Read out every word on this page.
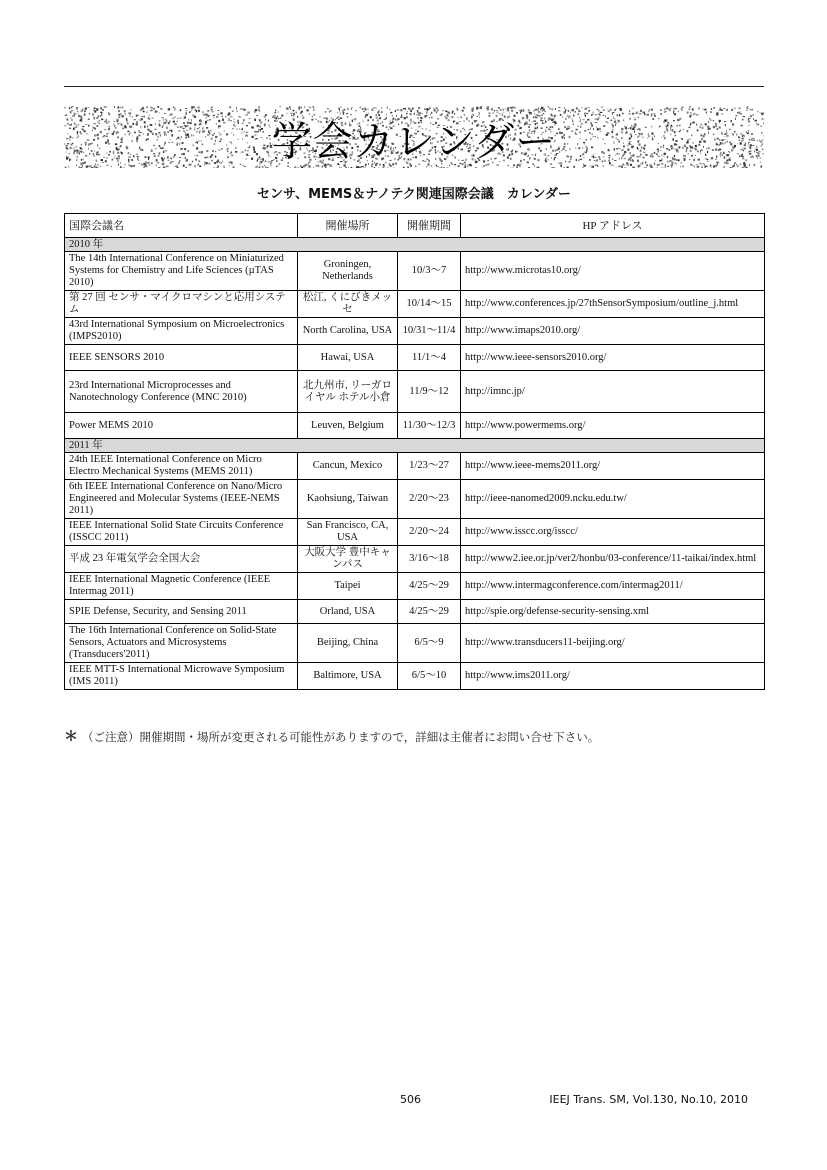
学会カレンダー
センサ、MEMS＆ナノテク関連国際会議　カレンダー
国際会議名	開催場所	開催期間	HP アドレス
2010 年			
The 14th International Conference on Miniaturized Systems for Chemistry and Life Sciences (µTAS 2010)	Groningen, Netherlands	10/3～7	http://www.microtas10.org/
第 27 回 センサ・マイクロマシンと応用システム	松江, くにびきメッセ	10/14～15	http://www.conferences.jp/27thSensorSymposium/outline_j.html
43rd International Symposium on Microelectronics (IMPS2010)	North Carolina, USA	10/31～11/4	http://www.imaps2010.org/
IEEE SENSORS 2010	Hawai, USA	11/1～4	http://www.ieee-sensors2010.org/
23rd International Microprocesses and Nanotechnology Conference (MNC 2010)	北九州市, リーガロイヤル ホテル小倉	11/9～12	http://imnc.jp/
Power MEMS 2010	Leuven, Belgium	11/30～12/3	http://www.powermems.org/
2011 年			
24th IEEE International Conference on Micro Electro Mechanical Systems (MEMS 2011)	Cancun, Mexico	1/23～27	http://www.ieee-mems2011.org/
6th IEEE International Conference on Nano/Micro Engineered and Molecular Systems (IEEE-NEMS 2011)	Kaohsiung, Taiwan	2/20～23	http://ieee-nanomed2009.ncku.edu.tw/
IEEE International Solid State Circuits Conference (ISSCC 2011)	San Francisco, CA, USA	2/20～24	http://www.isscc.org/isscc/
平成 23 年電気学会全国大会	大阪大学 豊中キャンパス	3/16～18	http://www2.iee.or.jp/ver2/honbu/03-conference/11-taikai/index.html
IEEE International Magnetic Conference (IEEE Intermag 2011)	Taipei	4/25～29	http://www.intermagconference.com/intermag2011/
SPIE Defense, Security, and Sensing 2011	Orland, USA	4/25～29	http://spie.org/defense-security-sensing.xml
The 16th International Conference on Solid-State Sensors, Actuators and Microsystems (Transducers'2011)	Beijing, China	6/5～9	http://www.transducers11-beijing.org/
IEEE MTT-S International Microwave Symposium (IMS 2011)	Baltimore, USA	6/5～10	http://www.ims2011.org/
＊ （ご注意）開催期間・場所が変更される可能性がありますので，詳細は主催者にお問い合せ下さい。
506	IEEJ Trans. SM, Vol.130, No.10, 2010
